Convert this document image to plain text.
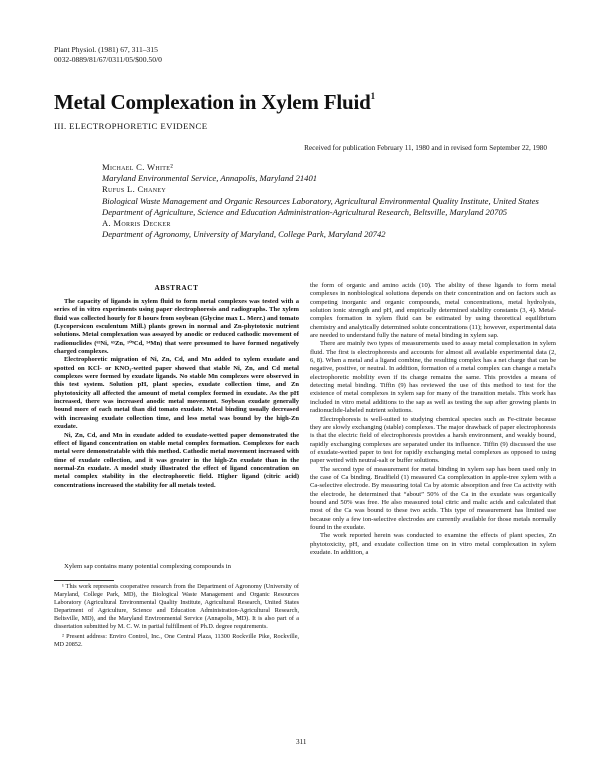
Plant Physiol. (1981) 67, 311–315
0032-0889/81/67/0311/05/$00.50/0
Metal Complexation in Xylem Fluid$^1$
III. ELECTROPHORETIC EVIDENCE
Received for publication February 11, 1980 and in revised form September 22, 1980
Michael C. White²
Maryland Environmental Service, Annapolis, Maryland 21401
Rufus L. Chaney
Biological Waste Management and Organic Resources Laboratory, Agricultural Environmental Quality Institute, United States Department of Agriculture, Science and Education Administration-Agricultural Research, Beltsville, Maryland 20705
A. Morris Decker
Department of Agronomy, University of Maryland, College Park, Maryland 20742
ABSTRACT

The capacity of ligands in xylem fluid to form metal complexes was tested with a series of in vitro experiments using paper electrophoresis and radiographs. The xylem fluid was collected hourly for 8 hours from soybean (Glycine max L. Merr.) and tomato (Lycopersicon esculentum Mill.) plants grown in normal and Zn-phytotoxic nutrient solutions. Metal complexation was assayed by anodic or reduced cathodic movement of radionuclides (⁶³Ni, ⁶⁵Zn, ¹⁰⁹Cd, ⁵⁴Mn) that were presumed to have formed negatively charged complexes.

Electrophoretic migration of Ni, Zn, Cd, and Mn added to xylem exudate and spotted on KCl- or KNO₃-wetted paper showed that stable Ni, Zn, and Cd metal complexes were formed by exudate ligands. No stable Mn complexes were observed in this test system. Solution pH, plant species, exudate collection time, and Zn phytotoxicity all affected the amount of metal complex formed in exudate. As the pH increased, there was increased anodic metal movement. Soybean exudate generally bound more of each metal than did tomato exudate. Metal binding usually decreased with increasing exudate collection time, and less metal was bound by the high-Zn exudate.

Ni, Zn, Cd, and Mn in exudate added to exudate-wetted paper demonstrated the effect of ligand concentration on stable metal complex formation. Complexes for each metal were demonstratable with this method. Cathodic metal movement increased with time of exudate collection, and it was greater in the high-Zn exudate than in the normal-Zn exudate. A model study illustrated the effect of ligand concentration on metal complex stability in the electrophoretic field. Higher ligand (citric acid) concentrations increased the stability for all metals tested.

Xylem sap contains many potential complexing compounds in

¹ This work represents cooperative research from the Department of Agronomy (University of Maryland, College Park, MD), the Biological Waste Management and Organic Resources Laboratory (Agricultural Environmental Quality Institute, Agricultural Research, United States Department of Agriculture, Science and Education Administration-Agricultural Research, Beltsville, MD), and the Maryland Environmental Service (Annapolis, MD). It is also part of a dissertation submitted by M. C. W. in partial fulfillment of Ph.D. degree requirements.

² Present address: Enviro Control, Inc., One Central Plaza, 11300 Rockville Pike, Rockville, MD 20852.

the form of organic and amino acids (10). The ability of these ligands to form metal complexes in nonbiological solutions depends on their concentration and on factors such as competing inorganic and organic compounds, metal concentrations, metal hydrolysis, solution ionic strength and pH, and empirically determined stability constants (3, 4). Metal-complex formation in xylem fluid can be estimated by using theoretical equilibrium chemistry and analytically determined solute concentrations (11); however, experimental data are needed to understand fully the nature of metal binding in xylem sap.

There are mainly two types of measurements used to assay metal complexation in xylem fluid. The first is electrophoresis and accounts for almost all available experimental data (2, 6, 8). When a metal and a ligand combine, the resulting complex has a net charge that can be negative, positive, or neutral. In addition, formation of a metal complex can change a metal's electrophoretic mobility even if its charge remains the same. This provides a means of detecting metal binding. Tiffin (9) has reviewed the use of this method to test for the existence of metal complexes in xylem sap for many of the transition metals. This work has included in vitro metal additions to the sap as well as testing the sap after growing plants in radionuclide-labeled nutrient solutions.

Electrophoresis is well-suited to studying chemical species such as Fe-citrate because they are slowly exchanging (stable) complexes. The major drawback of paper electrophoresis is that the electric field of electrophoresis provides a harsh environment, and weakly bound, rapidly exchanging complexes are separated under its influence. Tiffin (9) discussed the use of exudate-wetted paper to test for rapidly exchanging metal complexes as opposed to using paper wetted with neutral-salt or buffer solutions.

The second type of measurement for metal binding in xylem sap has been used only in the case of Ca binding. Bradfield (1) measured Ca complexation in apple-tree xylem with a Ca-selective electrode. By measuring total Ca by atomic absorption and free Ca activity with the electrode, he determined that “about” 50% of the Ca in the exudate was organically bound and 50% was free. He also measured total citric and malic acids and calculated that most of the Ca was bound to these two acids. This type of measurement has limited use because only a few ion-selective electrodes are currently available for those metals normally found in the exudate.

The work reported herein was conducted to examine the effects of plant species, Zn phytotoxicity, pH, and exudate collection time on in vitro metal complexation in xylem exudate. In addition, a

311
